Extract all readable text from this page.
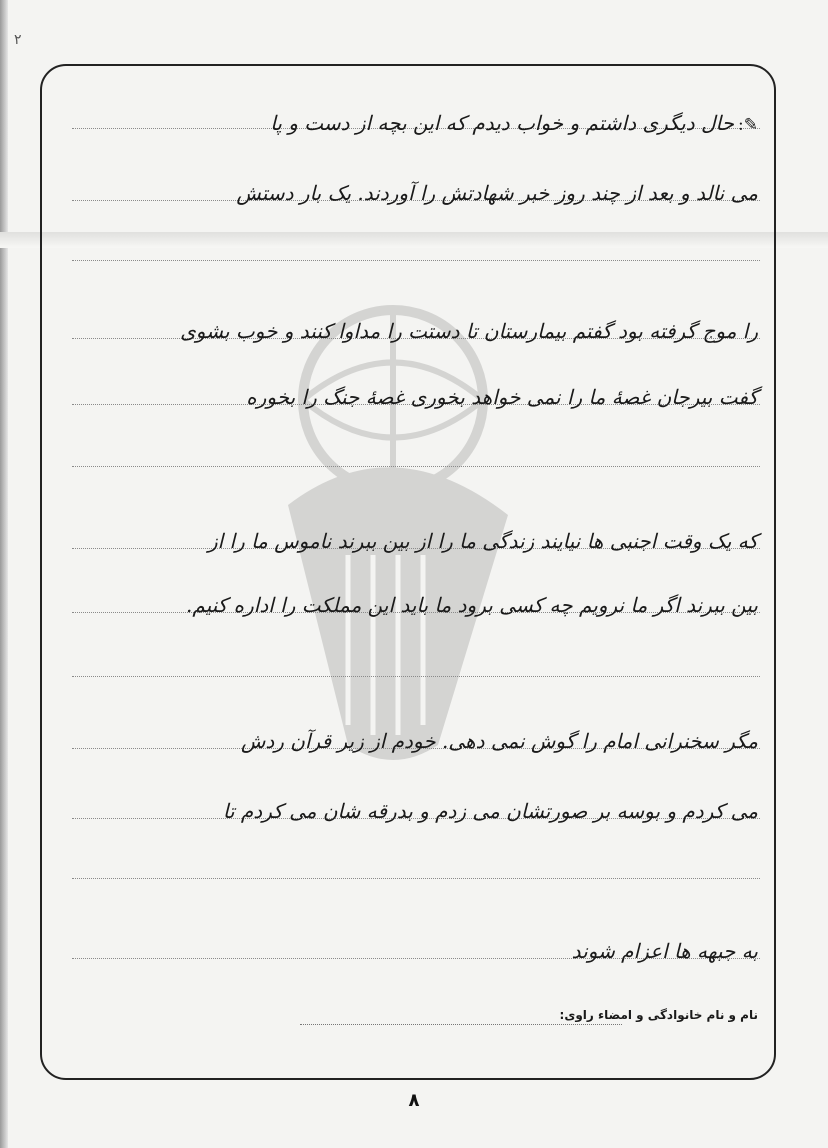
۲
✎:حال دیگری داشتم و خواب دیدم که این بچه از دست و پا
می نالد و بعد از چند روز خبر شهادتش را آوردند. یک بار دستش
را موج گرفته بود گفتم بیمارستان تا دستت را مداوا کنند و خوب بشوی
گفت بیرجان غصهٔ ما را نمی خواهد بخوری غصهٔ جنگ را بخوره
که یک وقت اجنبی ها نیایند زندگی ما را از بین ببرند ناموس ما را از
بین ببرند اگر ما نرویم چه کسی برود ما باید این مملکت را اداره کنیم.
مگر سخنرانی امام را گوش نمی دهی. خودم از زیر قرآن ردش
می کردم و بوسه بر صورتشان می زدم و بدرقه شان می کردم تا
به جبهه ها اعزام شوند
نام و نام خانوادگی و امضاء راوی:
۸
